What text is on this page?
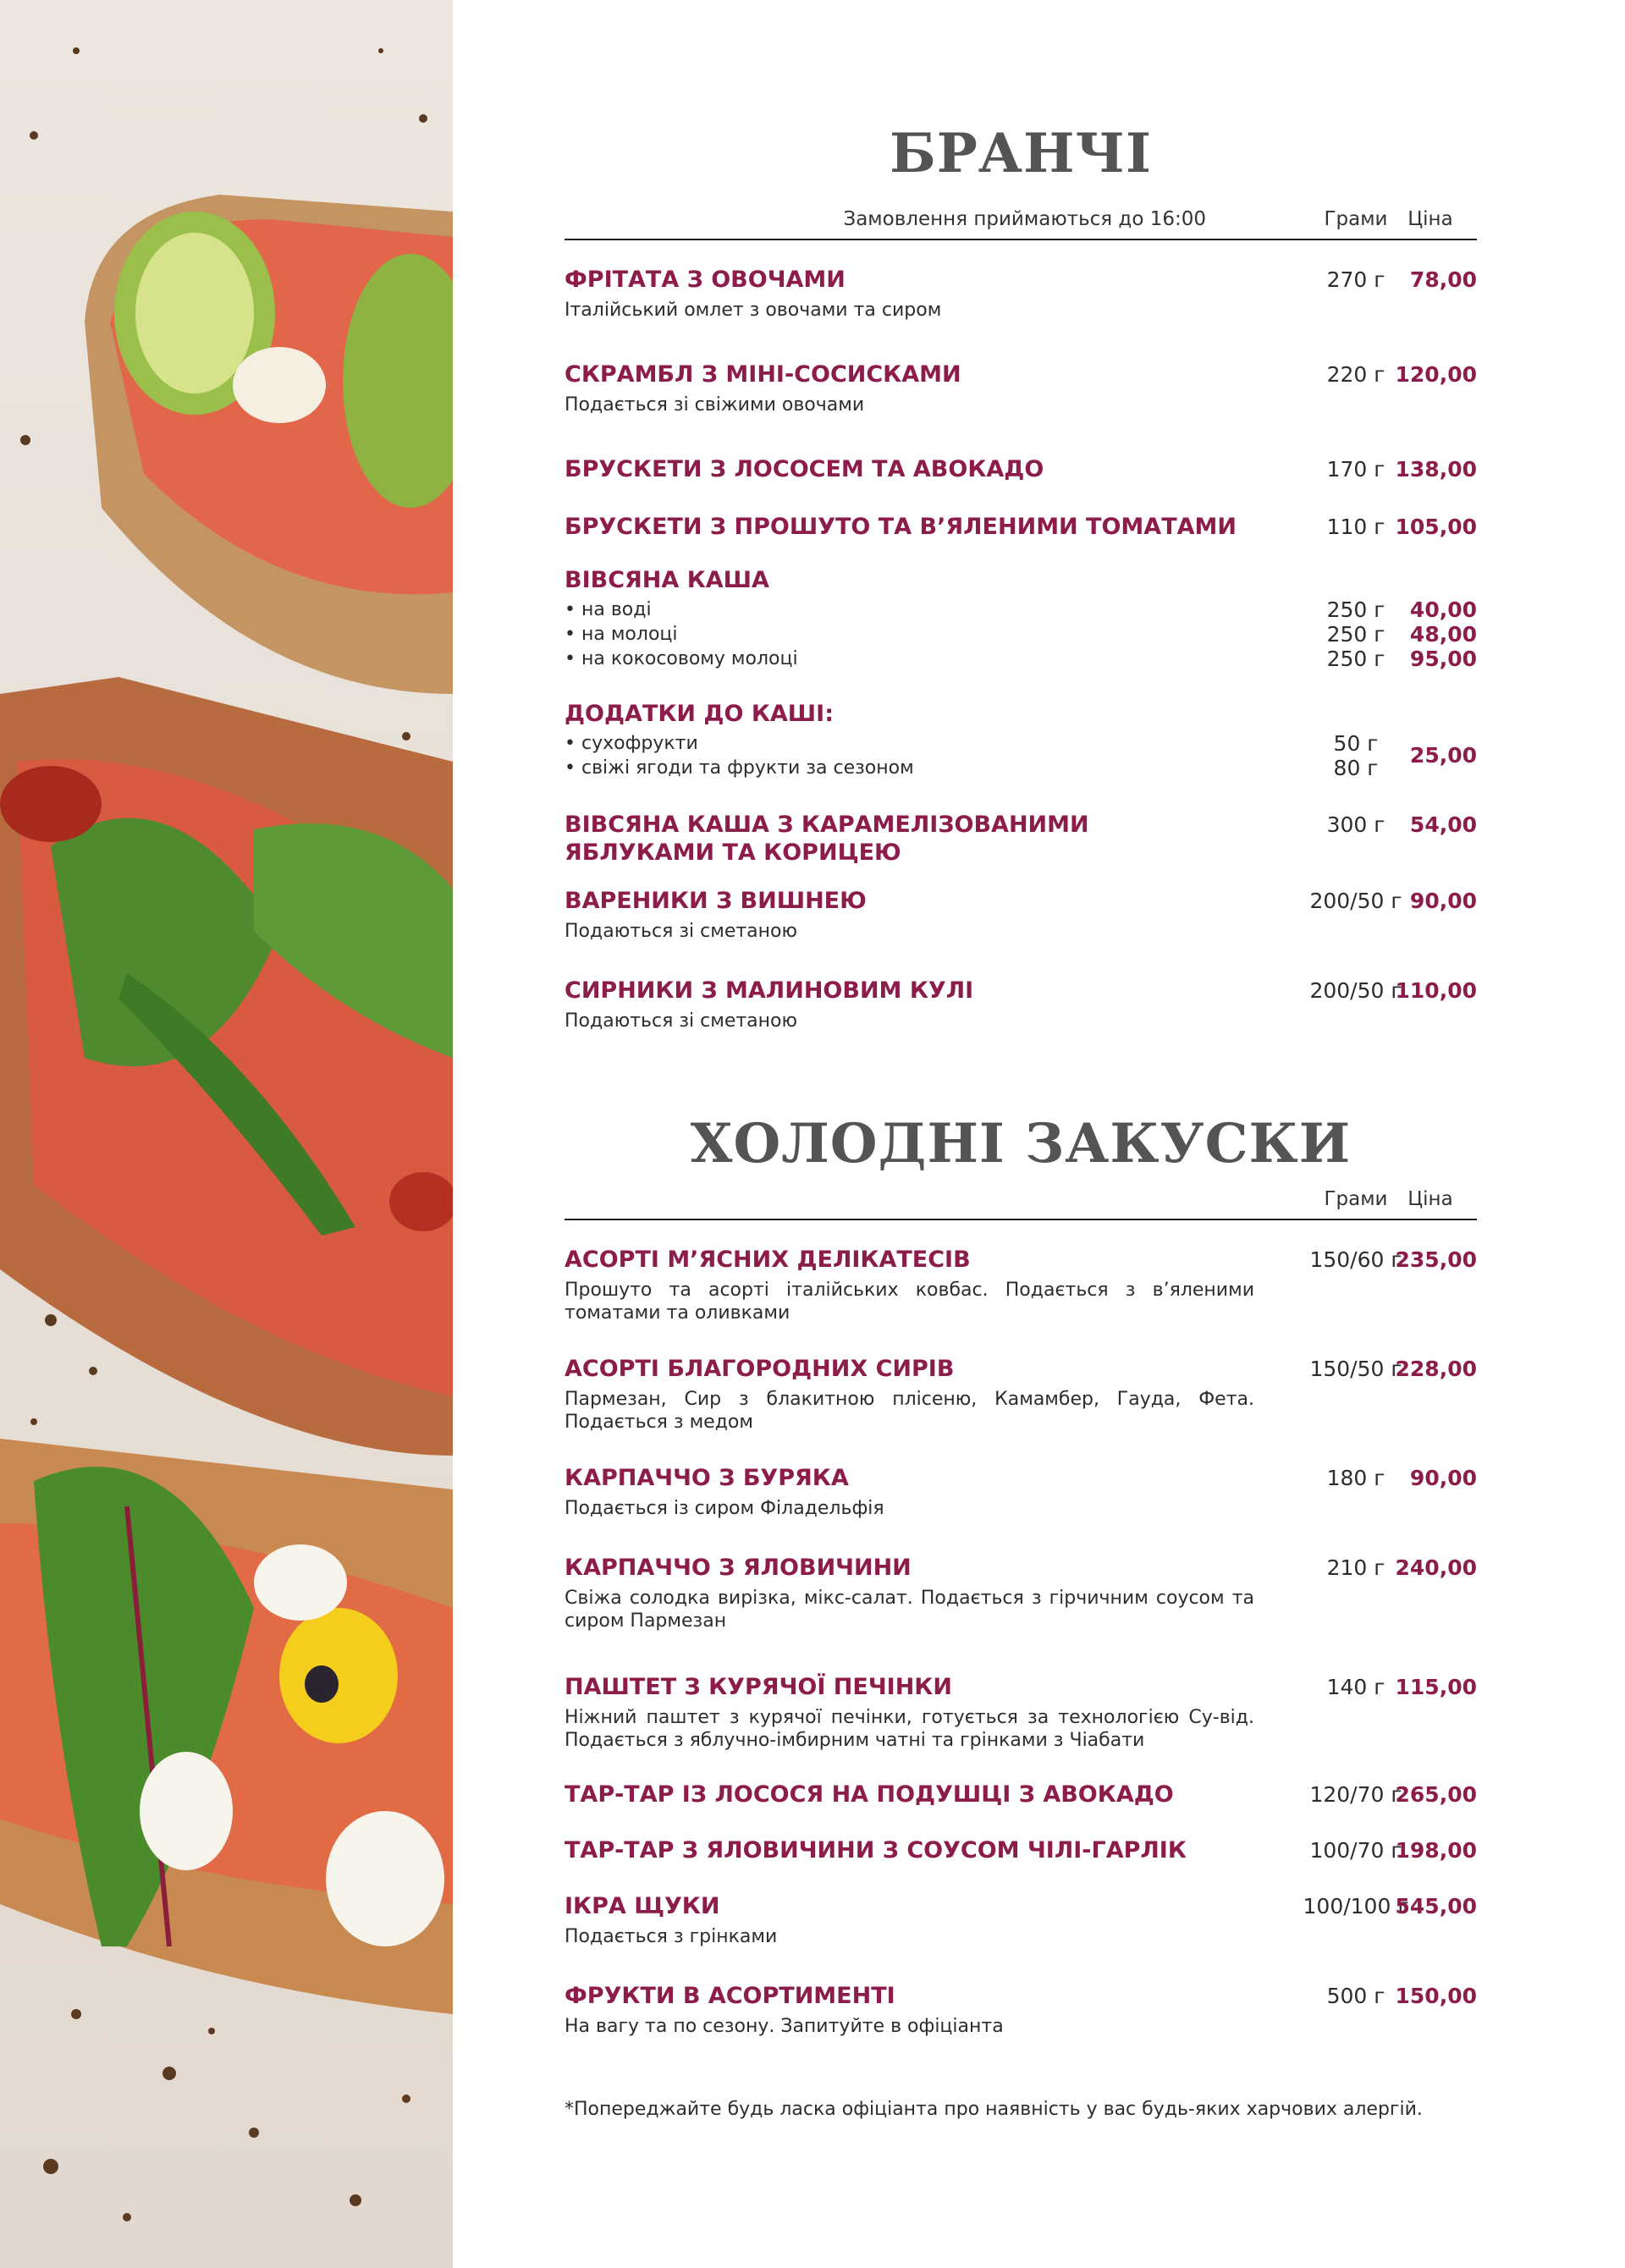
БРАНЧІ
Замовлення приймаються до 16:00	Грами	Ціна
ФРІТАТА З ОВОЧАМИ
Італійський омлет з овочами та сиром
270 г	78,00
СКРАМБЛ З МІНІ-СОСИСКАМИ
Подається зі свіжими овочами
220 г 120,00
БРУСКЕТИ З ЛОСОСЕМ ТА АВОКАДО	170 г 138,00
БРУСКЕТИ З ПРОШУТО ТА В’ЯЛЕНИМИ ТОМАТАМИ	110 г 105,00
ВІВСЯНА КАША
• на воді	250 г	40,00
• на молоці	250 г	48,00
• на кокосовому молоці	250 г	95,00
ДОДАТКИ ДО КАШІ:
• сухофрукти	50 г
• свіжі ягоди та фрукти за сезоном	80 г
25,00
ВІВСЯНА КАША З КАРАМЕЛІЗОВАНИМИ ЯБЛУКАМИ ТА КОРИЦЕЮ
300 г	54,00
ВАРЕНИКИ З ВИШНЕЮ
Подаються зі сметаною
200/50 г 90,00
СИРНИКИ З МАЛИНОВИМ КУЛІ
Подаються зі сметаною
200/50 г
110,00
ХОЛОДНІ ЗАКУСКИ
Грами	Ціна
АСОРТІ М’ЯСНИХ ДЕЛІКАТЕСІВ
Прошуто та асорті італійських ковбас. Подається з в’яленими томатами та оливками
150/60 г
235,00
АСОРТІ БЛАГОРОДНИХ СИРІВ
Пармезан, Сир з блакитною плісеню, Камамбер, Гауда, Фета. Подається з медом
150/50 г
228,00
КАРПАЧЧО З БУРЯКА
Подається із сиром Філадельфія
180 г	90,00
КАРПАЧЧО З ЯЛОВИЧИНИ
Свіжа солодка вирізка, мікс-салат. Подається з гірчичним соусом та сиром Пармезан
210 г 240,00
ПАШТЕТ З КУРЯЧОЇ ПЕЧІНКИ
Ніжний паштет з курячої печінки, готується за технологією Су-від. Подається з яблучно-імбирним чатні та грінками з Чіабати
140 г 115,00
ТАР-ТАР ІЗ ЛОСОСЯ НА ПОДУШЦІ З АВОКАДО	120/70 г
265,00
ТАР-ТАР З ЯЛОВИЧИНИ З СОУСОМ ЧІЛІ-ГАРЛІК	100/70 г
198,00
ІКРА ЩУКИ
Подається з грінками
100/100 г
545,00
ФРУКТИ В АСОРТИМЕНТІ
На вагу та по сезону. Запитуйте в офіціанта
500 г 150,00
*Попереджайте будь ласка офіціанта про наявність у вас будь-яких харчових алергій.
